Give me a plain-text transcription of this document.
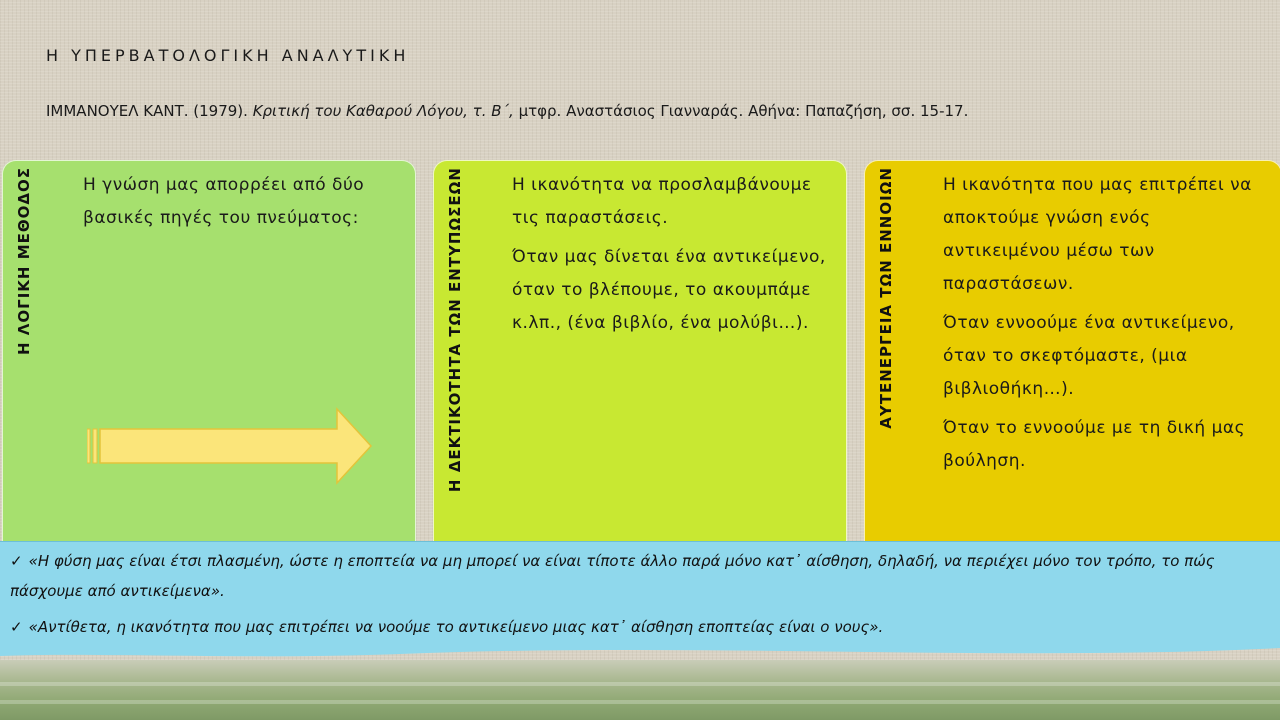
Η ΥΠΕΡΒΑΤΟΛΟΓΙΚΗ ΑΝΑΛΥΤΙΚΗ
ΙΜΜΑΝΟΥΕΛ ΚΑΝΤ. (1979). Κριτική του Καθαρού Λόγου, τ. Β΄, μτφρ. Αναστάσιος Γιανναράς. Αθήνα: Παπαζήση, σσ. 15-17.
Η ΛΟΓΙΚΗ ΜΕΘΟΔΟΣ	Η γνώση μας απορρέει από δύο βασικές πηγές του πνεύματος:	Η ΔΕΚΤΙΚΟΤΗΤΑ ΤΩΝ ΕΝΤΥΠΩΣΕΩΝ	Η ικανότητα να προσλαμβάνουμε τις παραστάσεις.

Όταν μας δίνεται ένα αντικείμενο, όταν το βλέπουμε, το ακουμπάμε κ.λπ., (ένα βιβλίο, ένα μολύβι…).	ΑΥΤΕΝΕΡΓΕΙΑ ΤΩΝ ΕΝΝΟΙΩΝ	Η ικανότητα που μας επιτρέπει να αποκτούμε γνώση ενός αντικειμένου μέσω των παραστάσεων.

Όταν εννοούμε ένα αντικείμενο, όταν το σκεφτόμαστε, (μια βιβλιοθήκη…).

Όταν το εννοούμε με τη δική μας βούληση.

✓ «Η φύση μας είναι έτσι πλασμένη, ώστε η εποπτεία να μη μπορεί να είναι τίποτε άλλο παρά μόνο κατ᾽ αίσθηση, δηλαδή, να περιέχει μόνο τον τρόπο, το πώς πάσχουμε από αντικείμενα».
✓ «Αντίθετα, η ικανότητα που μας επιτρέπει να νοούμε το αντικείμενο μιας κατ᾽ αίσθηση εποπτείας είναι ο νους».
